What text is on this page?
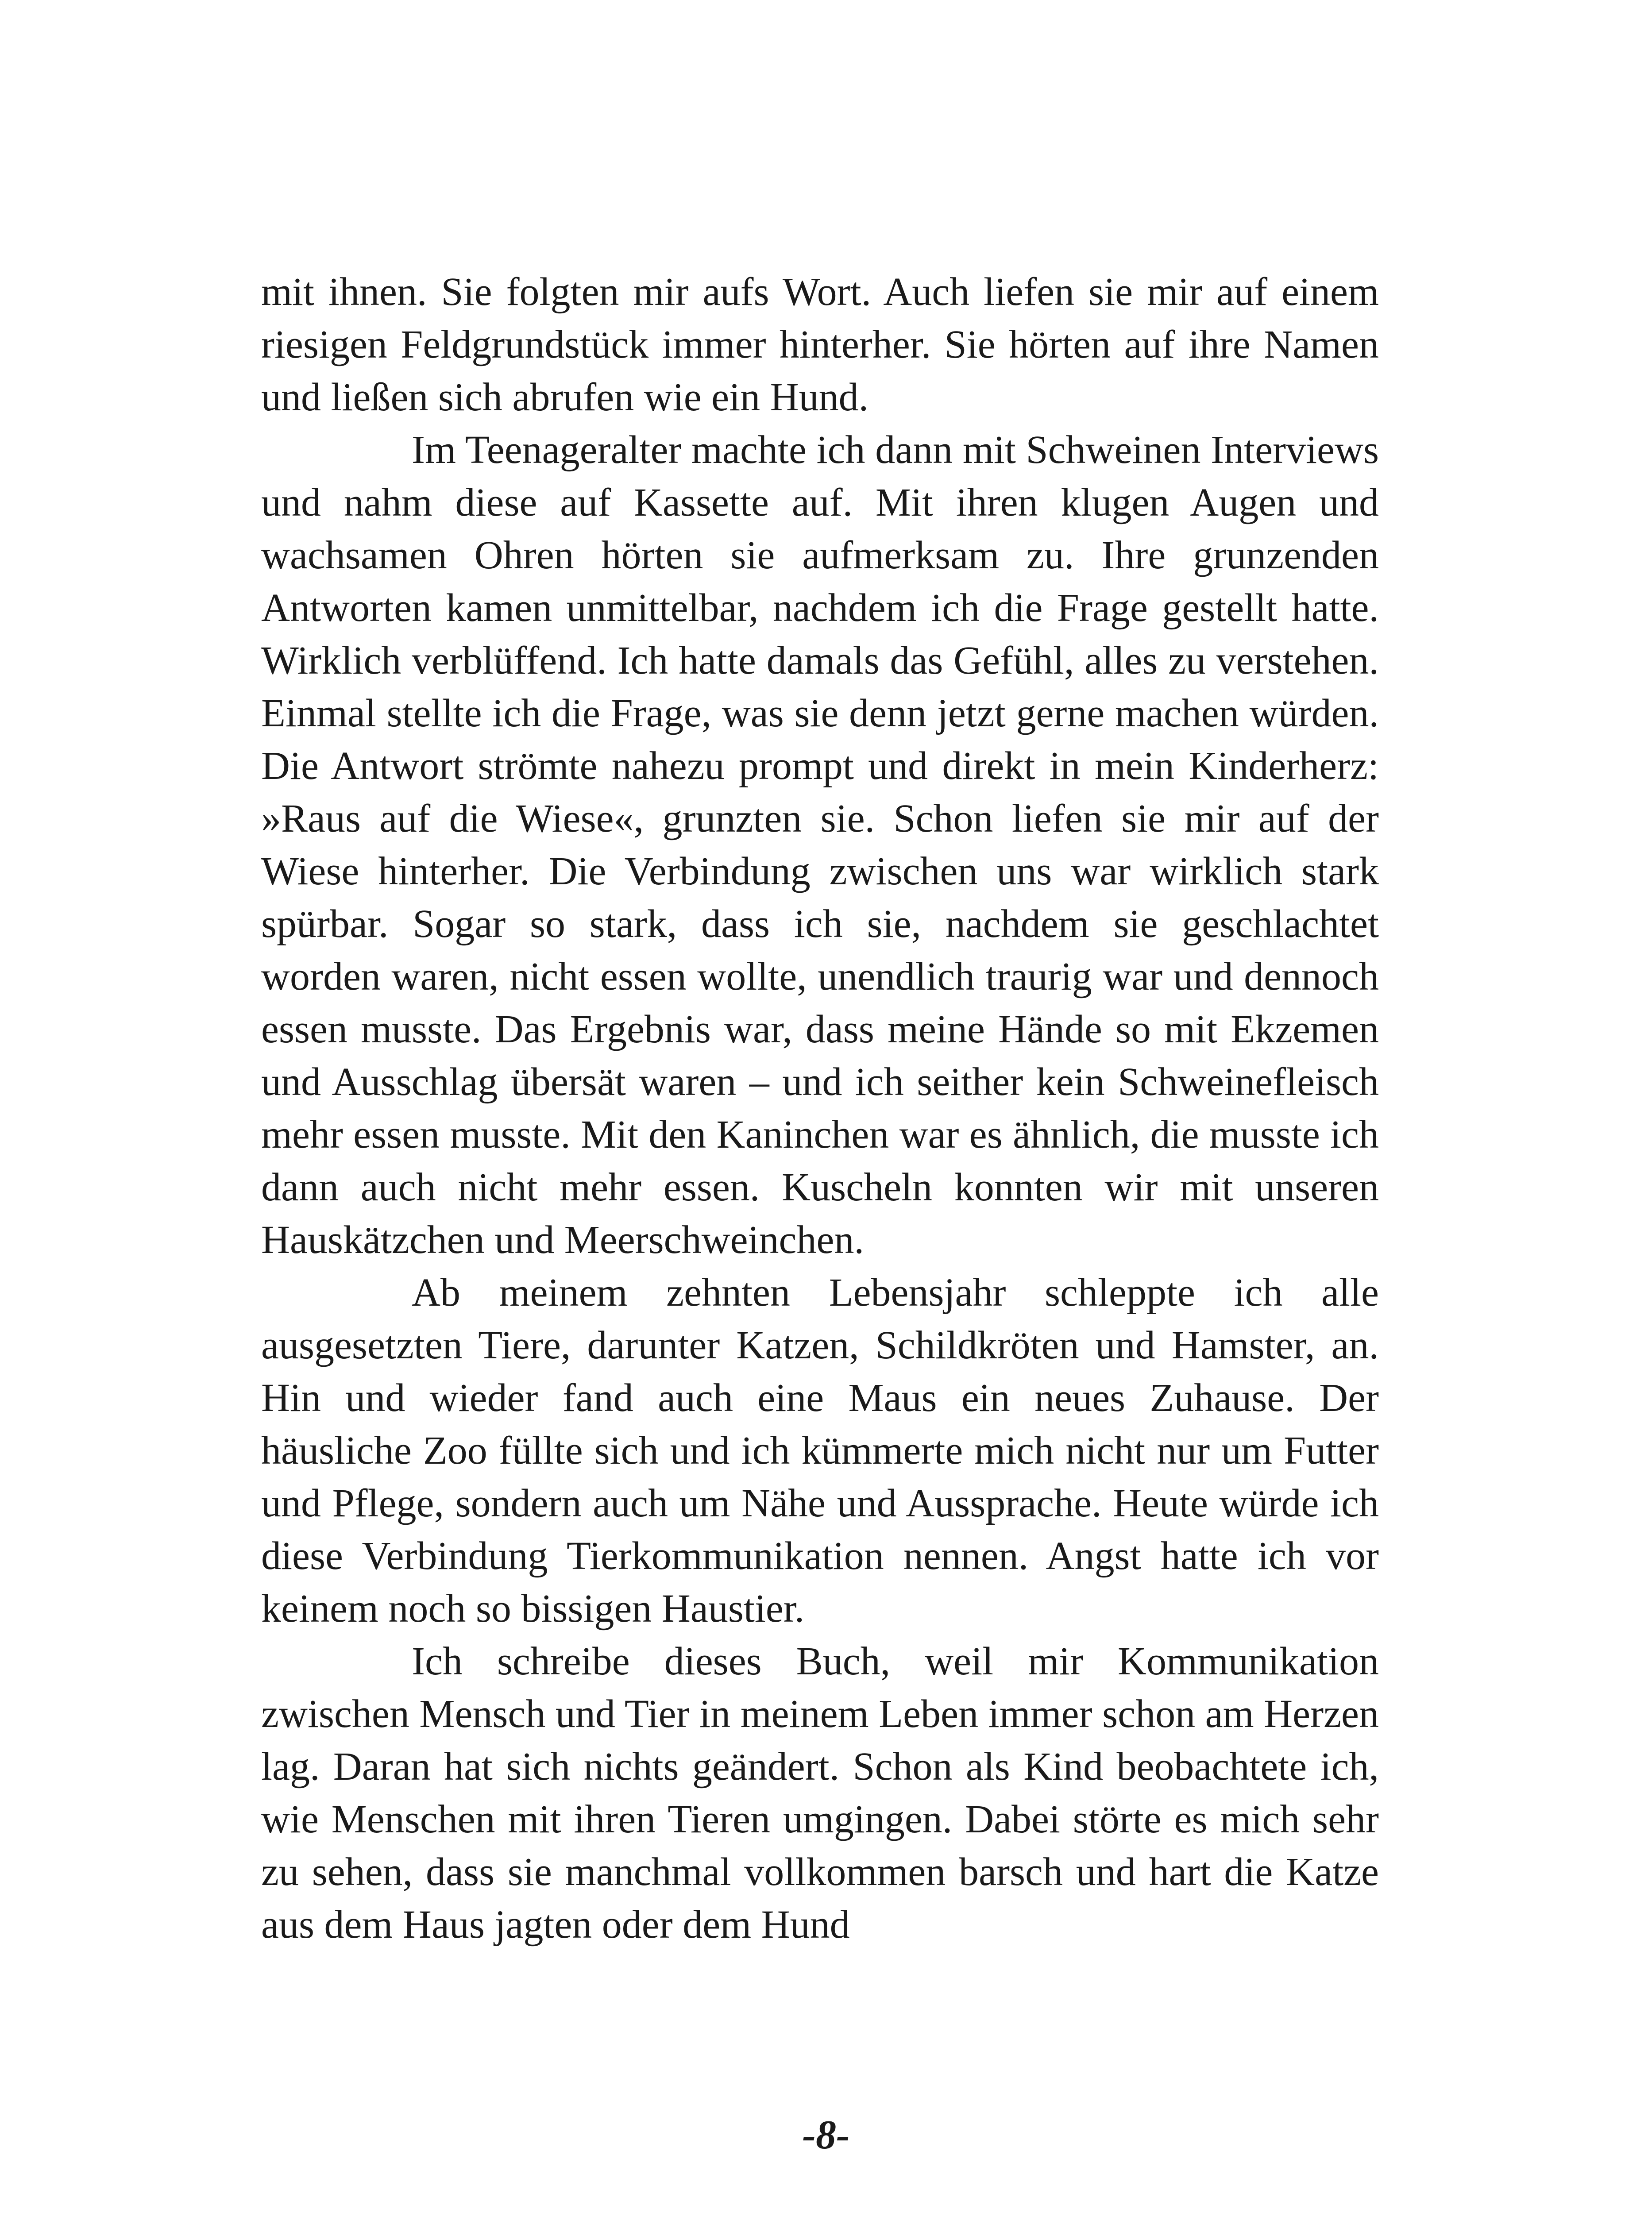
mit ihnen. Sie folgten mir aufs Wort. Auch liefen sie mir auf einem riesigen Feldgrundstück immer hinterher. Sie hörten auf ihre Namen und ließen sich abrufen wie ein Hund.

Im Teenageralter machte ich dann mit Schweinen Interviews und nahm diese auf Kassette auf. Mit ihren klugen Augen und wachsamen Ohren hörten sie aufmerksam zu. Ihre grunzenden Antworten kamen unmittelbar, nachdem ich die Frage gestellt hatte. Wirklich verblüffend. Ich hatte damals das Gefühl, alles zu verstehen. Einmal stellte ich die Frage, was sie denn jetzt gerne machen würden. Die Antwort strömte nahezu prompt und direkt in mein Kinderherz: »Raus auf die Wiese«, grunzten sie. Schon liefen sie mir auf der Wiese hinterher. Die Verbindung zwischen uns war wirklich stark spürbar. Sogar so stark, dass ich sie, nachdem sie geschlachtet worden waren, nicht essen wollte, unendlich traurig war und dennoch essen musste. Das Ergebnis war, dass meine Hände so mit Ekzemen und Ausschlag übersät waren – und ich seither kein Schweinefleisch mehr essen musste. Mit den Kaninchen war es ähnlich, die musste ich dann auch nicht mehr essen. Kuscheln konnten wir mit unseren Hauskätzchen und Meerschweinchen.

Ab meinem zehnten Lebensjahr schleppte ich alle ausgesetzten Tiere, darunter Katzen, Schildkröten und Hamster, an. Hin und wieder fand auch eine Maus ein neues Zuhause. Der häusliche Zoo füllte sich und ich kümmerte mich nicht nur um Futter und Pflege, sondern auch um Nähe und Aussprache. Heute würde ich diese Verbindung Tierkommunikation nennen. Angst hatte ich vor keinem noch so bissigen Haustier.

Ich schreibe dieses Buch, weil mir Kommunikation zwischen Mensch und Tier in meinem Leben immer schon am Herzen lag. Daran hat sich nichts geändert. Schon als Kind beobachtete ich, wie Menschen mit ihren Tieren umgingen. Dabei störte es mich sehr zu sehen, dass sie manchmal vollkommen barsch und hart die Katze aus dem Haus jagten oder dem Hund

-8-
